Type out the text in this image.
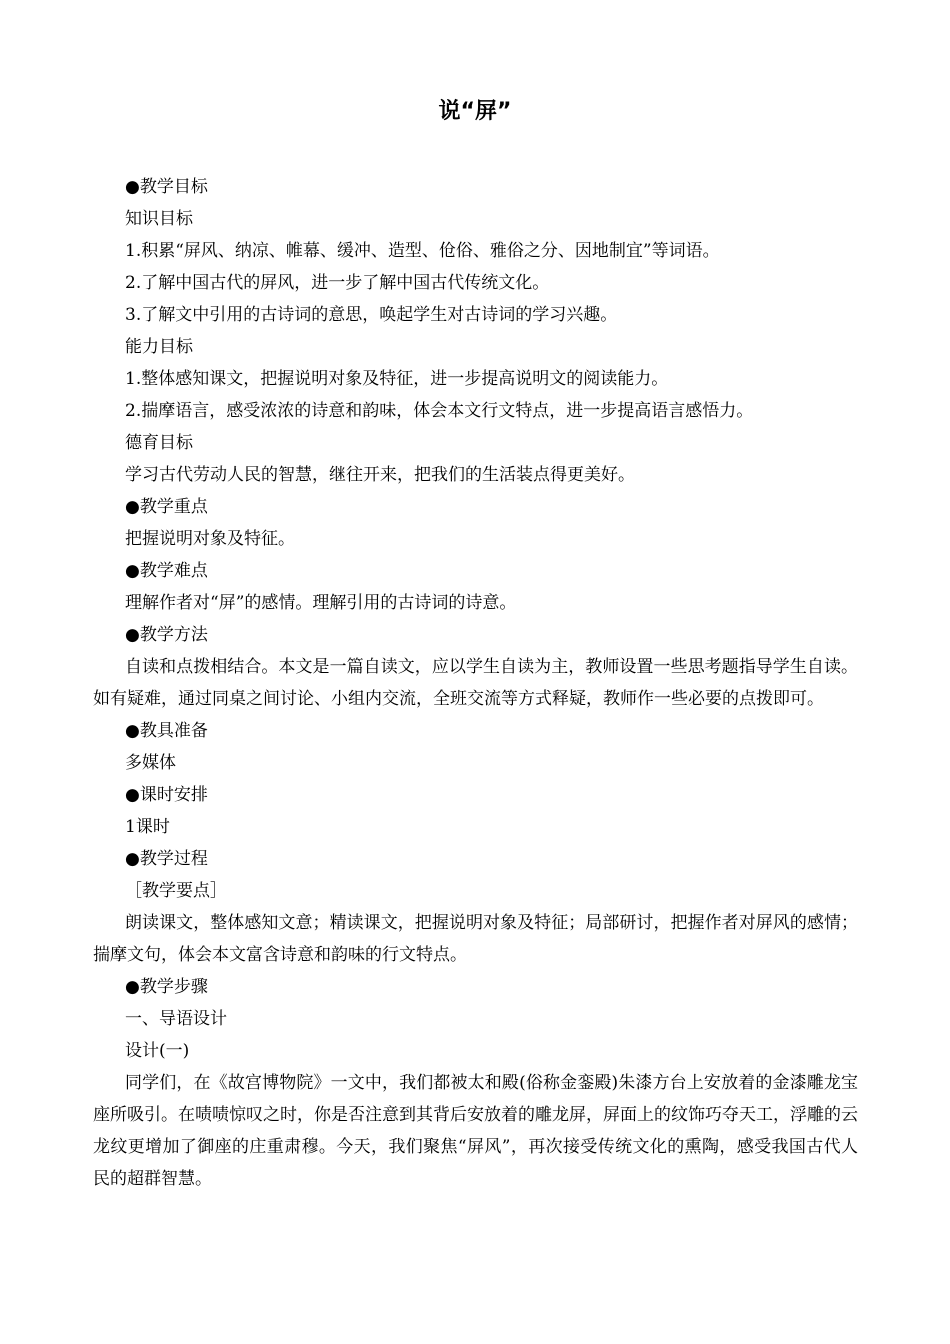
说“屏”

●教学目标

知识目标

1.积累“屏风、纳凉、帷幕、缓冲、造型、伧俗、雅俗之分、因地制宜”等词语。

2.了解中国古代的屏风，进一步了解中国古代传统文化。

3.了解文中引用的古诗词的意思，唤起学生对古诗词的学习兴趣。

能力目标

1.整体感知课文，把握说明对象及特征，进一步提高说明文的阅读能力。

2.揣摩语言，感受浓浓的诗意和韵味，体会本文行文特点，进一步提高语言感悟力。

德育目标

学习古代劳动人民的智慧，继往开来，把我们的生活装点得更美好。

●教学重点

把握说明对象及特征。

●教学难点

理解作者对“屏”的感情。理解引用的古诗词的诗意。

●教学方法

自读和点拨相结合。本文是一篇自读文，应以学生自读为主，教师设置一些思考题指导学生自读。如有疑难，通过同桌之间讨论、小组内交流，全班交流等方式释疑，教师作一些必要的点拨即可。

●教具准备

多媒体

●课时安排

1课时

●教学过程

［教学要点］

朗读课文，整体感知文意；精读课文，把握说明对象及特征；局部研讨，把握作者对屏风的感情；揣摩文句，体会本文富含诗意和韵味的行文特点。

●教学步骤

一、导语设计

设计(一)

同学们，在《故宫博物院》一文中，我们都被太和殿(俗称金銮殿)朱漆方台上安放着的金漆雕龙宝座所吸引。在啧啧惊叹之时，你是否注意到其背后安放着的雕龙屏，屏面上的纹饰巧夺天工，浮雕的云龙纹更增加了御座的庄重肃穆。今天，我们聚焦“屏风”，再次接受传统文化的熏陶，感受我国古代人民的超群智慧。
